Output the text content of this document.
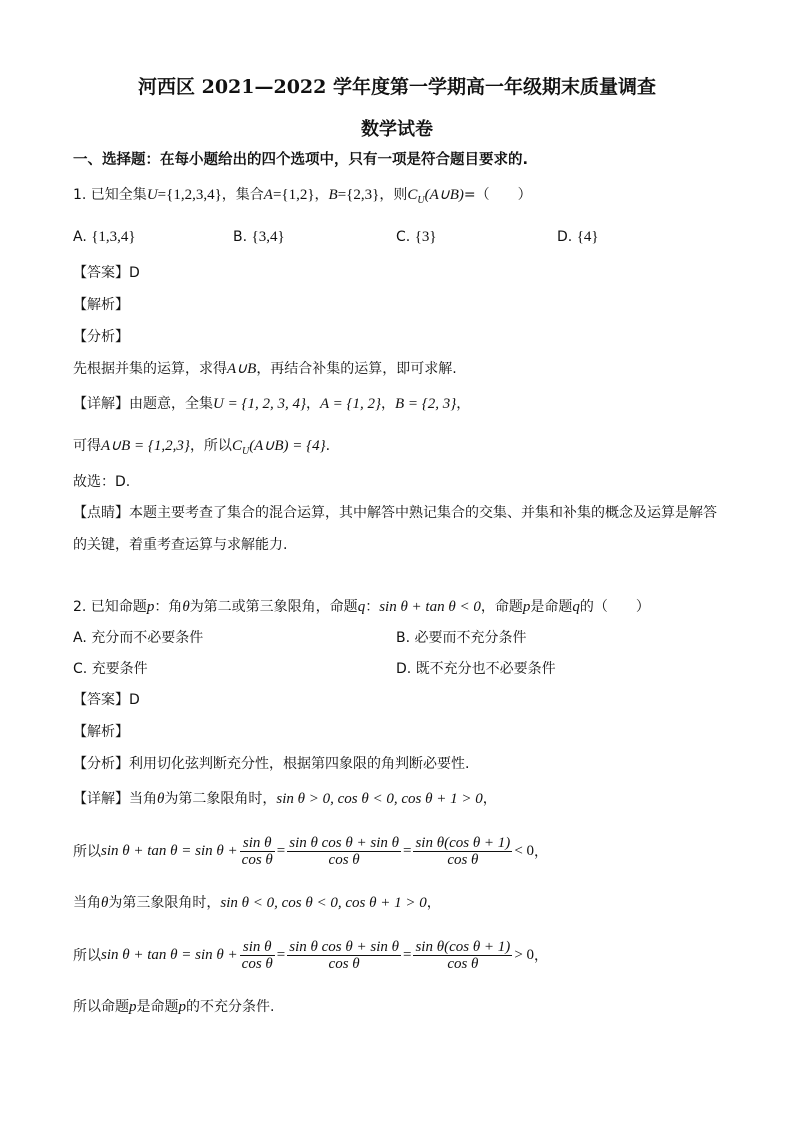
河西区 2021—2022 学年度第一学期高一年级期末质量调查
数学试卷
一、选择题：在每小题给出的四个选项中，只有一项是符合题目要求的.
1. 已知全集U={1,2,3,4}，集合A={1,2}，B={2,3}，则$C_U(A\cup B)=$（　　）
A. {1,3,4}	B. {3,4}	C. {3}	D. {4}
【答案】D
【解析】
【分析】
先根据并集的运算，求得A∪B，再结合补集的运算，即可求解.
【详解】由题意，全集U = {1, 2, 3, 4}，A = {1, 2}，B = {2, 3}，
可得A∪B = {1,2,3}，所以$C_U(A\cup B) = \{4\}$.
故选：D.
【点睛】本题主要考查了集合的混合运算，其中解答中熟记集合的交集、并集和补集的概念及运算是解答
的关键，着重考查运算与求解能力.
2. 已知命题p：角θ为第二或第三象限角，命题q：sin θ + tan θ < 0，命题p是命题q的（　　）
A. 充分而不必要条件	B. 必要而不充分条件
C. 充要条件	D. 既不充分也不必要条件
【答案】D
【解析】
【分析】利用切化弦判断充分性，根据第四象限的角判断必要性.
【详解】当角θ为第二象限角时，sin θ > 0, cos θ < 0, cos θ + 1 > 0，
所以 $\sin \theta + \tan \theta = \sin \theta + \frac{\text{sin θ}}{\text{cos θ}} = \frac{\text{sin θ cos θ + sin θ}}{\text{cos θ}} = \frac{\text{sin θ(cos θ + 1)}}{\text{cos θ}} < 0$ ，
当角θ为第三象限角时，sin θ < 0, cos θ < 0, cos θ + 1 > 0，
所以 $\sin \theta + \tan \theta = \sin \theta + \frac{\text{sin θ}}{\text{cos θ}} = \frac{\text{sin θ cos θ + sin θ}}{\text{cos θ}} = \frac{\text{sin θ(cos θ + 1)}}{\text{cos θ}} > 0$ ，
所以命题p是命题p的不充分条件.
